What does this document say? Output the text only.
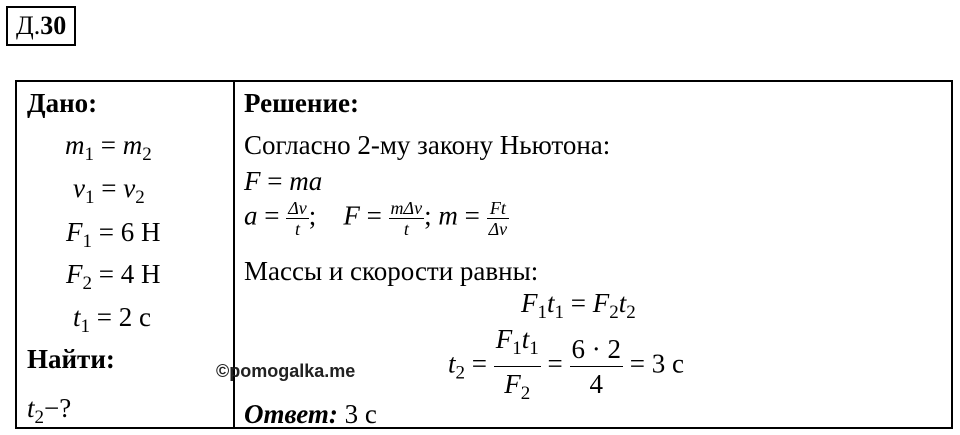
Д.30
Дано:
$m_1 = m_2$
$v_1 = v_2$
$F_1 = 6$ Н
$F_2 = 4$ Н
$t_1 = 2$ с
Найти:
$t_2-$?
Решение:
Согласно 2-му закону Ньютона:
F = ma
$a = \frac{\Delta v}{t}$ ;    $F = \frac{\text{mΔv}}{t}$ ; $m = \frac{Ft}{\Delta v}$
Массы и скорости равны:
$F_1t_1 = F_2t_2$
$t_2 = \frac{F_1t_1}{F_2} = \frac{6 \cdot 2}{4} = 3$ с
Ответ: 3 с
©pomogalka.me
